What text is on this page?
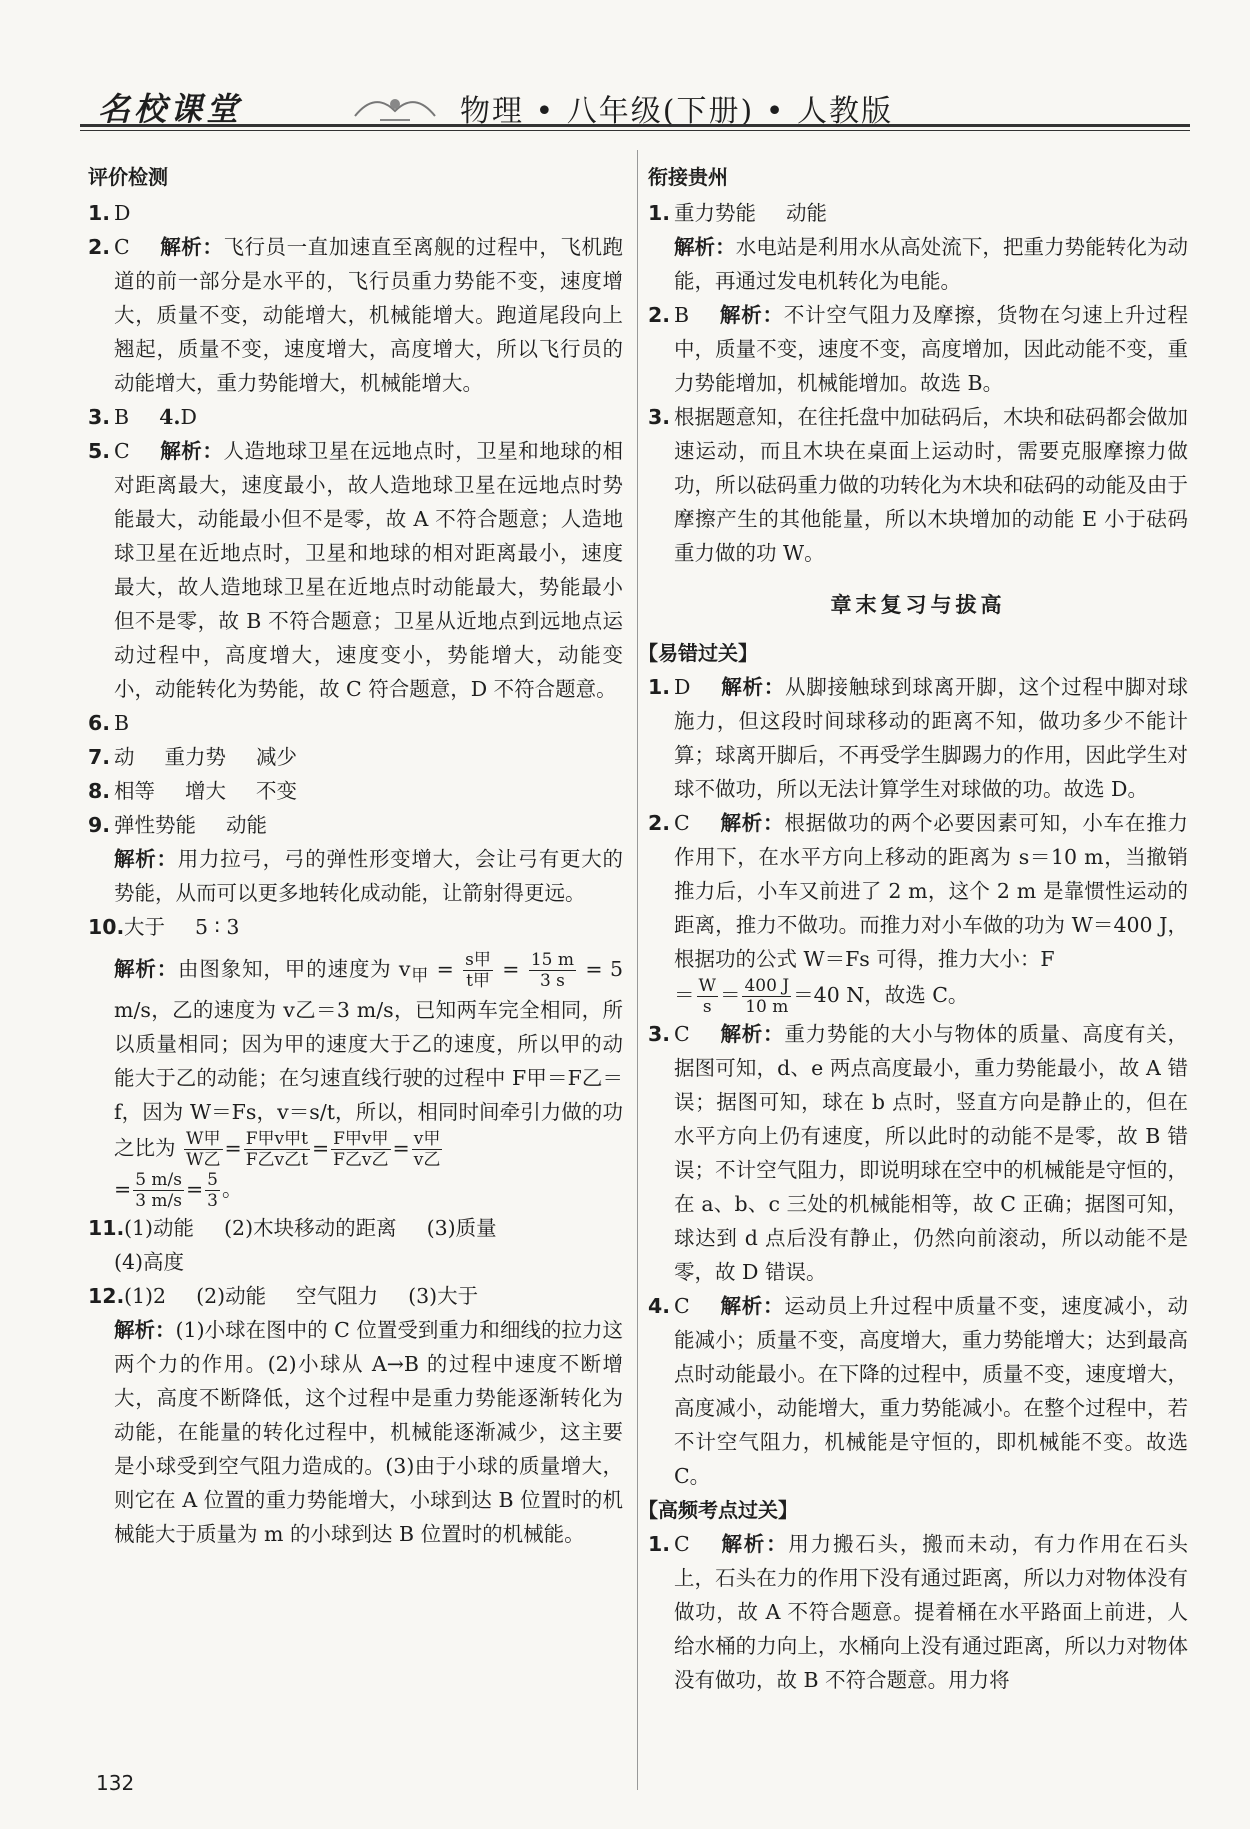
名校课堂	物理 • 八年级(下册) • 人教版
评价检测
1. D
2. C 解析：飞行员一直加速直至离舰的过程中，飞机跑道的前一部分是水平的，飞行员重力势能不变，速度增大，质量不变，动能增大，机械能增大。跑道尾段向上翘起，质量不变，速度增大，高度增大，所以飞行员的动能增大，重力势能增大，机械能增大。
3. B 4.D
5. C 解析：人造地球卫星在远地点时，卫星和地球的相对距离最大，速度最小，故人造地球卫星在远地点时势能最大，动能最小但不是零，故 A 不符合题意；人造地球卫星在近地点时，卫星和地球的相对距离最小，速度最大，故人造地球卫星在近地点时动能最大，势能最小但不是零，故 B 不符合题意；卫星从近地点到远地点运动过程中，高度增大，速度变小，势能增大，动能变小，动能转化为势能，故 C 符合题意，D 不符合题意。
6. B
7. 动 重力势 减少
8. 相等 增大 不变
9. 弹性势能 动能
解析：用力拉弓，弓的弹性形变增大，会让弓有更大的势能，从而可以更多地转化成动能，让箭射得更远。
10. 大于 5 ∶ 3
解析：由图象知，甲的速度为 $v_甲 = \frac{\text{s甲}}{\text{t甲}} = \frac{15 m}{3 s} = 5$ m/s，乙的速度为 v乙＝3 m/s，已知两车完全相同，所以质量相同；因为甲的速度大于乙的速度，所以甲的动能大于乙的动能；在匀速直线行驶的过程中 F甲＝F乙＝f，因为 W＝Fs，v＝s/t，所以，相同时间牵引力做的功之比为 $\frac{\text{W甲}}{\text{W乙}} = \frac{\text{F甲v甲t}}{\text{F乙v乙t}} = \frac{\text{F甲v甲}}{\text{F乙v乙}} = \frac{\text{v甲}}{\text{v乙}}$

= $\frac{5 m/s}{3 m/s} = \frac{5}{3}$ 。
11. (1)动能 (2)木块移动的距离 (3)质量
(4)高度
12. (1)2 (2)动能 空气阻力 (3)大于
解析：(1)小球在图中的 C 位置受到重力和细线的拉力这两个力的作用。(2)小球从 A→B 的过程中速度不断增大，高度不断降低，这个过程中是重力势能逐渐转化为动能，在能量的转化过程中，机械能逐渐减少，这主要是小球受到空气阻力造成的。(3)由于小球的质量增大，则它在 A 位置的重力势能增大，小球到达 B 位置时的机械能大于质量为 m 的小球到达 B 位置时的机械能。
衔接贵州
1. 重力势能 动能
解析：水电站是利用水从高处流下，把重力势能转化为动能，再通过发电机转化为电能。
2. B 解析：不计空气阻力及摩擦，货物在匀速上升过程中，质量不变，速度不变，高度增加，因此动能不变，重力势能增加，机械能增加。故选 B。
3. 根据题意知，在往托盘中加砝码后，木块和砝码都会做加速运动，而且木块在桌面上运动时，需要克服摩擦力做功，所以砝码重力做的功转化为木块和砝码的动能及由于摩擦产生的其他能量，所以木块增加的动能 E 小于砝码重力做的功 W。
章末复习与拔高
【易错过关】
1. D 解析：从脚接触球到球离开脚，这个过程中脚对球施力，但这段时间球移动的距离不知，做功多少不能计算；球离开脚后，不再受学生脚踢力的作用，因此学生对球不做功，所以无法计算学生对球做的功。故选 D。
2. C 解析：根据做功的两个必要因素可知，小车在推力作用下，在水平方向上移动的距离为 s＝10 m，当撤销推力后，小车又前进了 2 m，这个 2 m 是靠惯性运动的距离，推力不做功。而推力对小车做的功为 W＝400 J，根据功的公式 W＝Fs 可得，推力大小：F
＝ $\frac{W}{s} = \frac{400 J}{10 m} =40$ N，故选 C。
3. C 解析：重力势能的大小与物体的质量、高度有关，据图可知，d、e 两点高度最小，重力势能最小，故 A 错误；据图可知，球在 b 点时，竖直方向是静止的，但在水平方向上仍有速度，所以此时的动能不是零，故 B 错误；不计空气阻力，即说明球在空中的机械能是守恒的，在 a、b、c 三处的机械能相等，故 C 正确；据图可知，球达到 d 点后没有静止，仍然向前滚动，所以动能不是零，故 D 错误。
4. C 解析：运动员上升过程中质量不变，速度减小，动能减小；质量不变，高度增大，重力势能增大；达到最高点时动能最小。在下降的过程中，质量不变，速度增大，高度减小，动能增大，重力势能减小。在整个过程中，若不计空气阻力，机械能是守恒的，即机械能不变。故选 C。
【高频考点过关】
1. C 解析：用力搬石头，搬而未动，有力作用在石头上，石头在力的作用下没有通过距离，所以力对物体没有做功，故 A 不符合题意。提着桶在水平路面上前进，人给水桶的力向上，水桶向上没有通过距离，所以力对物体没有做功，故 B 不符合题意。用力将
132
